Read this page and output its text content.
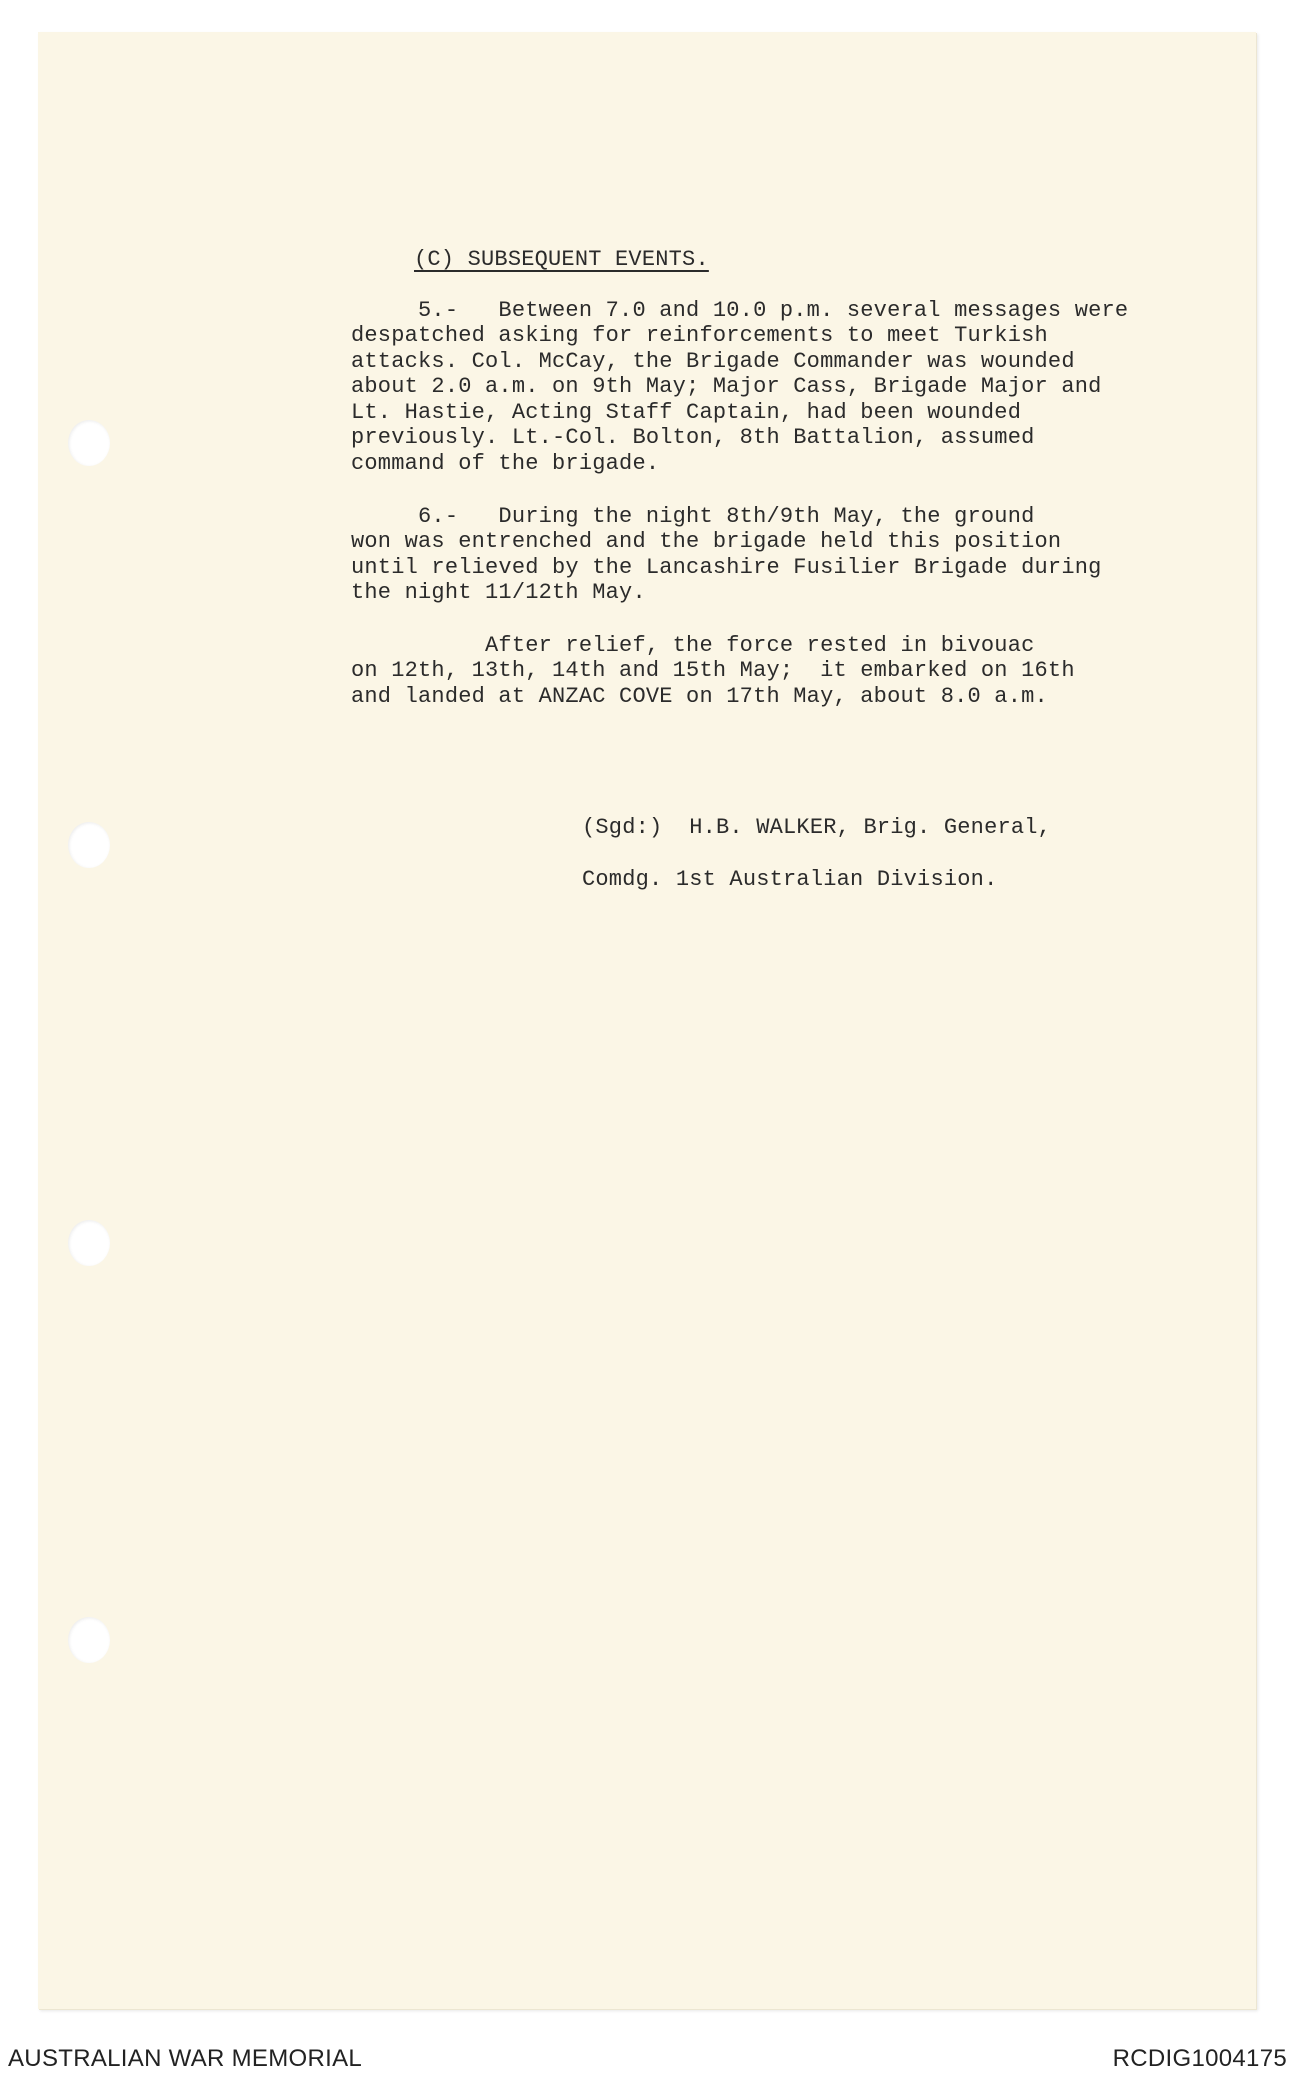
(C) SUBSEQUENT EVENTS.
5.-   Between 7.0 and 10.0 p.m. several messages were
despatched asking for reinforcements to meet Turkish
attacks. Col. McCay, the Brigade Commander was wounded
about 2.0 a.m. on 9th May; Major Cass, Brigade Major and
Lt. Hastie, Acting Staff Captain, had been wounded
previously. Lt.-Col. Bolton, 8th Battalion, assumed
command of the brigade.
6.-   During the night 8th/9th May, the ground
won was entrenched and the brigade held this position
until relieved by the Lancashire Fusilier Brigade during
the night 11/12th May.
After relief, the force rested in bivouac
on 12th, 13th, 14th and 15th May;  it embarked on 16th
and landed at ANZAC COVE on 17th May, about 8.0 a.m.
(Sgd:)  H.B. WALKER, Brig. General,
Comdg. 1st Australian Division.
AUSTRALIAN WAR MEMORIAL	RCDIG1004175
